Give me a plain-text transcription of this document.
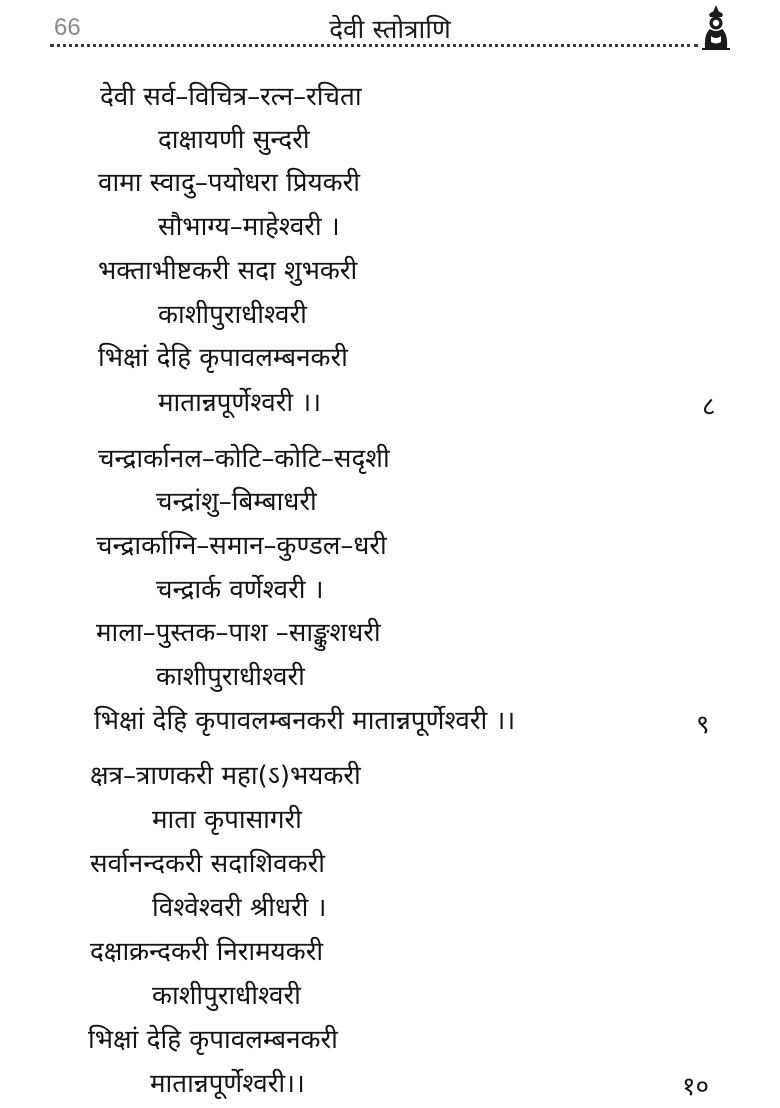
66	देवी स्तोत्राणि
देवी सर्व–विचित्र–रत्न–रचिता
दाक्षायणी सुन्दरी
वामा स्वादु–पयोधरा प्रियकरी
सौभाग्य–माहेश्वरी ।
भक्ताभीष्टकरी सदा शुभकरी
काशीपुराधीश्वरी
भिक्षां देहि कृपावलम्बनकरी
मातान्नपूर्णेश्वरी ।।	८
चन्द्रार्कानल–कोटि–कोटि–सदृशी
चन्द्रांशु–बिम्बाधरी
चन्द्रार्काग्नि–समान–कुण्डल–धरी
चन्द्रार्क वर्णेश्वरी ।
माला–पुस्तक–पाश –साङ्कुशधरी
काशीपुराधीश्वरी
भिक्षां देहि कृपावलम्बनकरी मातान्नपूर्णेश्वरी ।।	९
क्षत्र–त्राणकरी महा(ऽ)भयकरी
माता कृपासागरी
सर्वानन्दकरी सदाशिवकरी
विश्वेश्वरी श्रीधरी ।
दक्षाक्रन्दकरी निरामयकरी
काशीपुराधीश्वरी
भिक्षां देहि कृपावलम्बनकरी
मातान्नपूर्णेश्वरी।।	१०
